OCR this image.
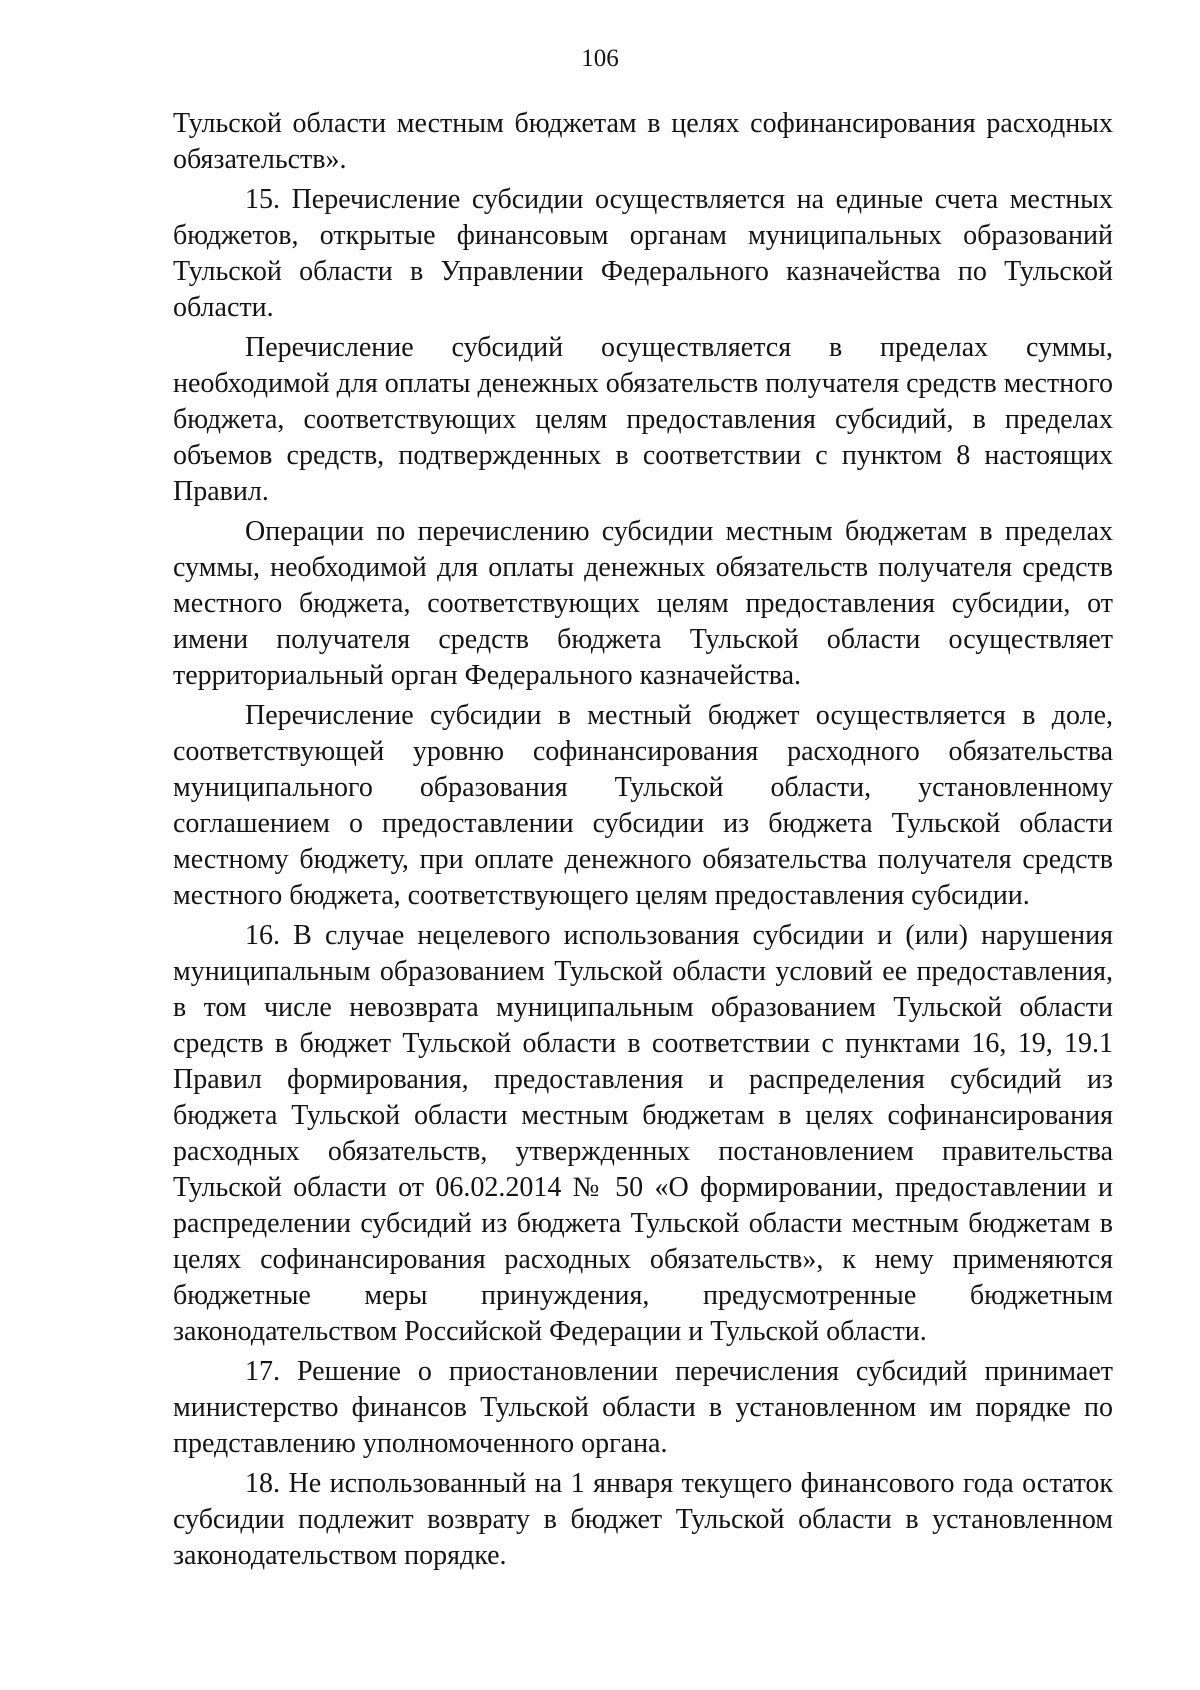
106

Тульской области местным бюджетам в целях софинансирования расходных обязательств».

15. Перечисление субсидии осуществляется на единые счета местных бюджетов, открытые финансовым органам муниципальных образований Тульской области в Управлении Федерального казначейства по Тульской области.

Перечисление субсидий осуществляется в пределах суммы, необходимой для оплаты денежных обязательств получателя средств местного бюджета, соответствующих целям предоставления субсидий, в пределах объемов средств, подтвержденных в соответствии с пунктом 8 настоящих Правил.

Операции по перечислению субсидии местным бюджетам в пределах суммы, необходимой для оплаты денежных обязательств получателя средств местного бюджета, соответствующих целям предоставления субсидии, от имени получателя средств бюджета Тульской области осуществляет территориальный орган Федерального казначейства.

Перечисление субсидии в местный бюджет осуществляется в доле, соответствующей уровню софинансирования расходного обязательства муниципального образования Тульской области, установленному соглашением о предоставлении субсидии из бюджета Тульской области местному бюджету, при оплате денежного обязательства получателя средств местного бюджета, соответствующего целям предоставления субсидии.

16. В случае нецелевого использования субсидии и (или) нарушения муниципальным образованием Тульской области условий ее предоставления, в том числе невозврата муниципальным образованием Тульской области средств в бюджет Тульской области в соответствии с пунктами 16, 19, 19.1 Правил формирования, предоставления и распределения субсидий из бюджета Тульской области местным бюджетам в целях софинансирования расходных обязательств, утвержденных постановлением правительства Тульской области от 06.02.2014 № 50 «О формировании, предоставлении и распределении субсидий из бюджета Тульской области местным бюджетам в целях софинансирования расходных обязательств», к нему применяются бюджетные меры принуждения, предусмотренные бюджетным законодательством Российской Федерации и Тульской области.

17. Решение о приостановлении перечисления субсидий принимает министерство финансов Тульской области в установленном им порядке по представлению уполномоченного органа.

18. Не использованный на 1 января текущего финансового года остаток субсидии подлежит возврату в бюджет Тульской области в установленном законодательством порядке.
